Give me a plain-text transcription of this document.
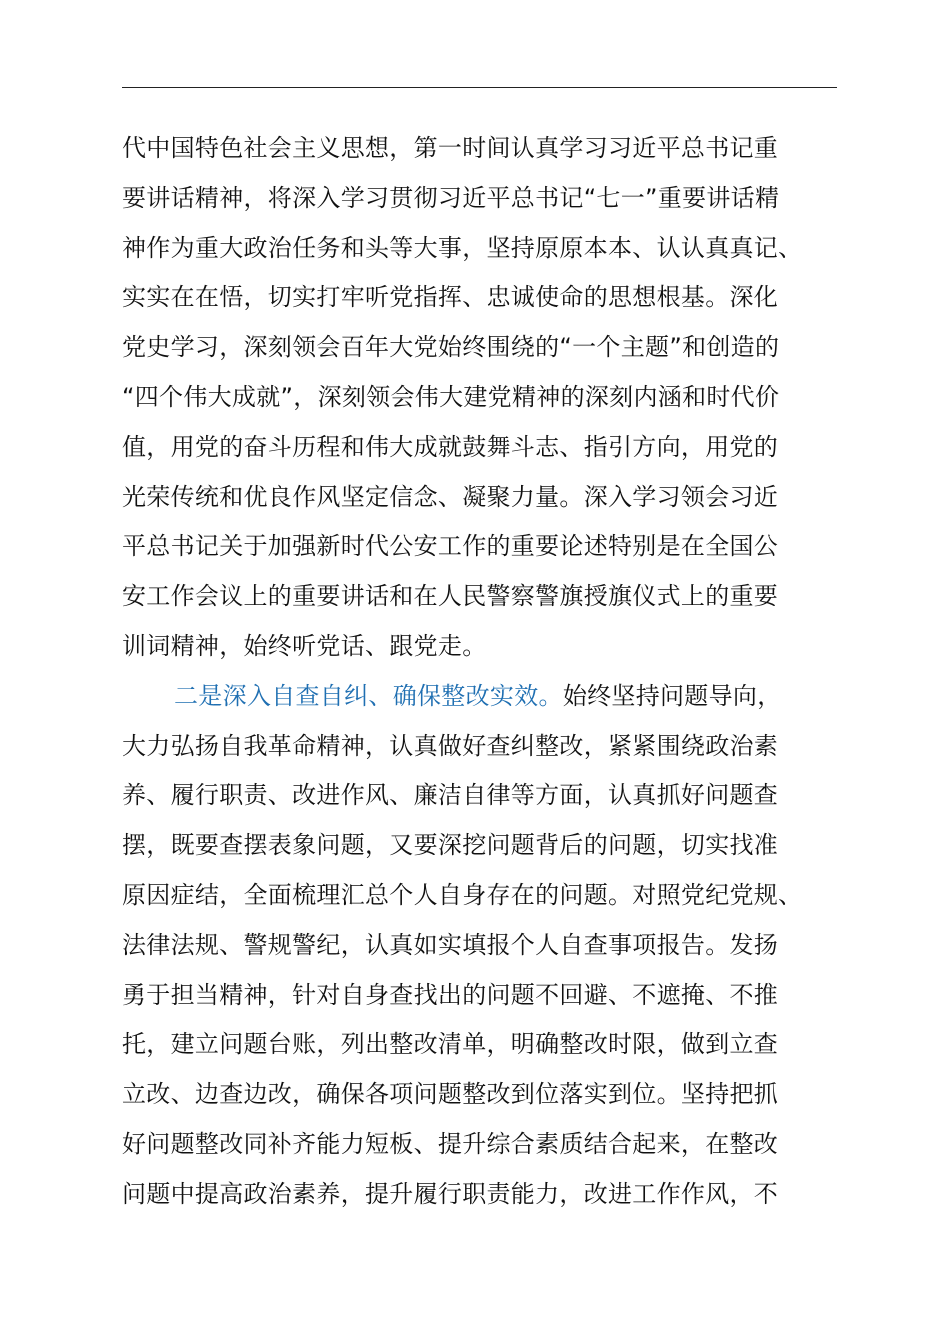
代中国特色社会主义思想，第一时间认真学习习近平总书记重
要讲话精神，将深入学习贯彻习近平总书记“七一”重要讲话精
神作为重大政治任务和头等大事，坚持原原本本、认认真真记、
实实在在悟，切实打牢听党指挥、忠诚使命的思想根基。深化
党史学习，深刻领会百年大党始终围绕的“一个主题”和创造的
“四个伟大成就”，深刻领会伟大建党精神的深刻内涵和时代价
值，用党的奋斗历程和伟大成就鼓舞斗志、指引方向，用党的
光荣传统和优良作风坚定信念、凝聚力量。深入学习领会习近
平总书记关于加强新时代公安工作的重要论述特别是在全国公
安工作会议上的重要讲话和在人民警察警旗授旗仪式上的重要
训词精神，始终听党话、跟党走。
二是深入自查自纠、确保整改实效。始终坚持问题导向，
大力弘扬自我革命精神，认真做好查纠整改，紧紧围绕政治素
养、履行职责、改进作风、廉洁自律等方面，认真抓好问题查
摆，既要查摆表象问题，又要深挖问题背后的问题，切实找准
原因症结，全面梳理汇总个人自身存在的问题。对照党纪党规、
法律法规、警规警纪，认真如实填报个人自查事项报告。发扬
勇于担当精神，针对自身查找出的问题不回避、不遮掩、不推
托，建立问题台账，列出整改清单，明确整改时限，做到立查
立改、边查边改，确保各项问题整改到位落实到位。坚持把抓
好问题整改同补齐能力短板、提升综合素质结合起来，在整改
问题中提高政治素养，提升履行职责能力，改进工作作风，不
